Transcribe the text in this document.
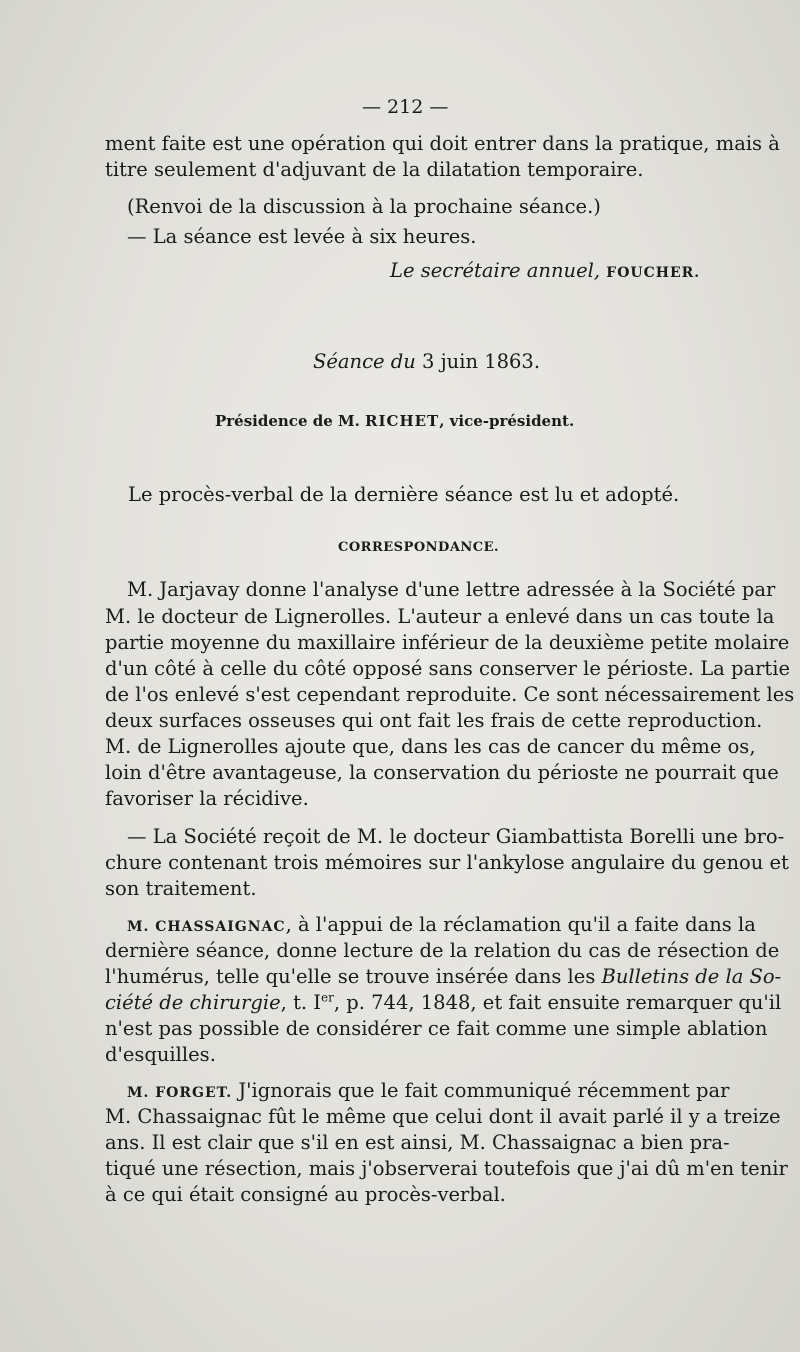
— 212 —
ment faite est une opération qui doit entrer dans la pratique, mais à
titre seulement d'adjuvant de la dilatation temporaire.
(Renvoi de la discussion à la prochaine séance.)
— La séance est levée à six heures.
Le secrétaire annuel, FOUCHER.
Séance du 3 juin 1863.
Présidence de M. RICHET, vice-président.
Le procès-verbal de la dernière séance est lu et adopté.
CORRESPONDANCE.
M. Jarjavay donne l'analyse d'une lettre adressée à la Société par
M. le docteur de Lignerolles. L'auteur a enlevé dans un cas toute la
partie moyenne du maxillaire inférieur de la deuxième petite molaire
d'un côté à celle du côté opposé sans conserver le périoste. La partie
de l'os enlevé s'est cependant reproduite. Ce sont nécessairement les
deux surfaces osseuses qui ont fait les frais de cette reproduction.
M. de Lignerolles ajoute que, dans les cas de cancer du même os,
loin d'être avantageuse, la conservation du périoste ne pourrait que
favoriser la récidive.
— La Société reçoit de M. le docteur Giambattista Borelli une bro-
chure contenant trois mémoires sur l'ankylose angulaire du genou et
son traitement.
M. CHASSAIGNAC, à l'appui de la réclamation qu'il a faite dans la
dernière séance, donne lecture de la relation du cas de résection de
l'humérus, telle qu'elle se trouve insérée dans les Bulletins de la So-
ciété de chirurgie, t. Ier, p. 744, 1848, et fait ensuite remarquer qu'il
n'est pas possible de considérer ce fait comme une simple ablation
d'esquilles.
M. FORGET. J'ignorais que le fait communiqué récemment par
M. Chassaignac fût le même que celui dont il avait parlé il y a treize
ans. Il est clair que s'il en est ainsi, M. Chassaignac a bien pra-
tiqué une résection, mais j'observerai toutefois que j'ai dû m'en tenir
à ce qui était consigné au procès-verbal.
